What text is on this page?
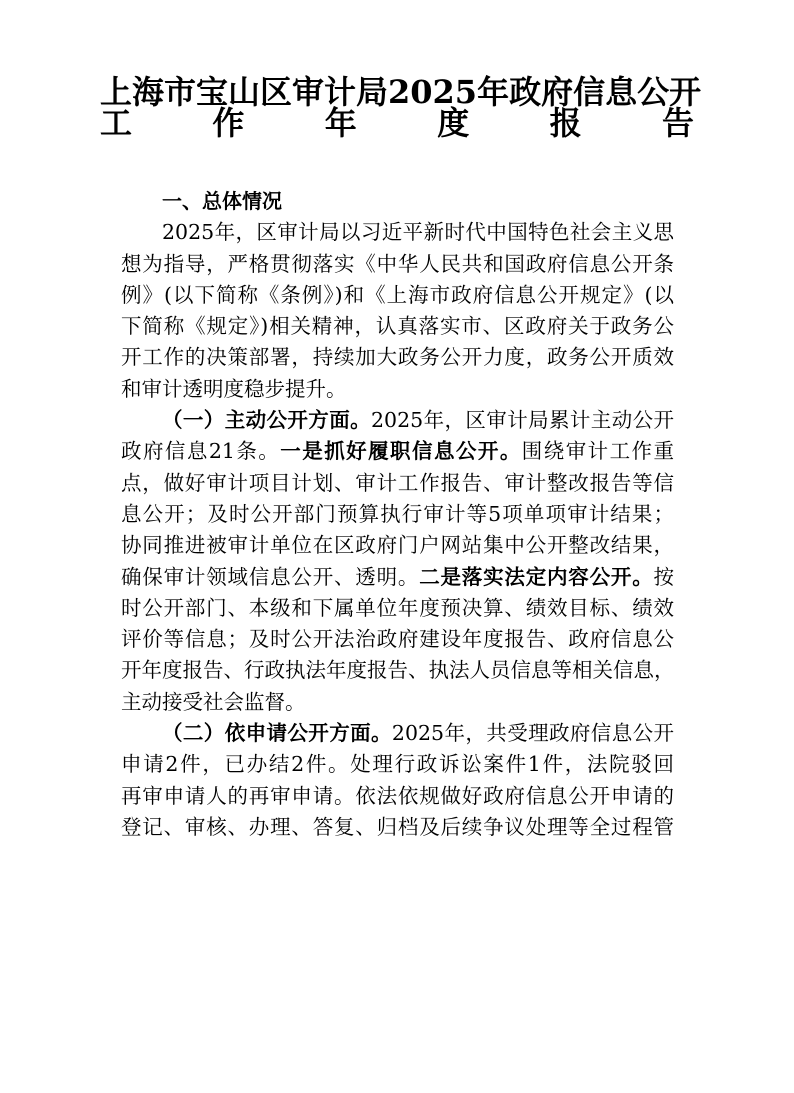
上海市宝山区审计局2025年政府信息公开
工作年度报告
一、总体情况
2025年，区审计局以习近平新时代中国特色社会主义思
想为指导，严格贯彻落实《中华人民共和国政府信息公开条
例》(以下简称《条例》)和《上海市政府信息公开规定》(以
下简称《规定》)相关精神，认真落实市、区政府关于政务公
开工作的决策部署，持续加大政务公开力度，政务公开质效
和审计透明度稳步提升。
（一）主动公开方面。2025年，区审计局累计主动公开
政府信息21条。一是抓好履职信息公开。围绕审计工作重
点，做好审计项目计划、审计工作报告、审计整改报告等信
息公开；及时公开部门预算执行审计等5项单项审计结果；
协同推进被审计单位在区政府门户网站集中公开整改结果，
确保审计领域信息公开、透明。二是落实法定内容公开。按
时公开部门、本级和下属单位年度预决算、绩效目标、绩效
评价等信息；及时公开法治政府建设年度报告、政府信息公
开年度报告、行政执法年度报告、执法人员信息等相关信息，
主动接受社会监督。
（二）依申请公开方面。2025年，共受理政府信息公开
申请2件，已办结2件。处理行政诉讼案件1件，法院驳回
再审申请人的再审申请。依法依规做好政府信息公开申请的
登记、审核、办理、答复、归档及后续争议处理等全过程管
